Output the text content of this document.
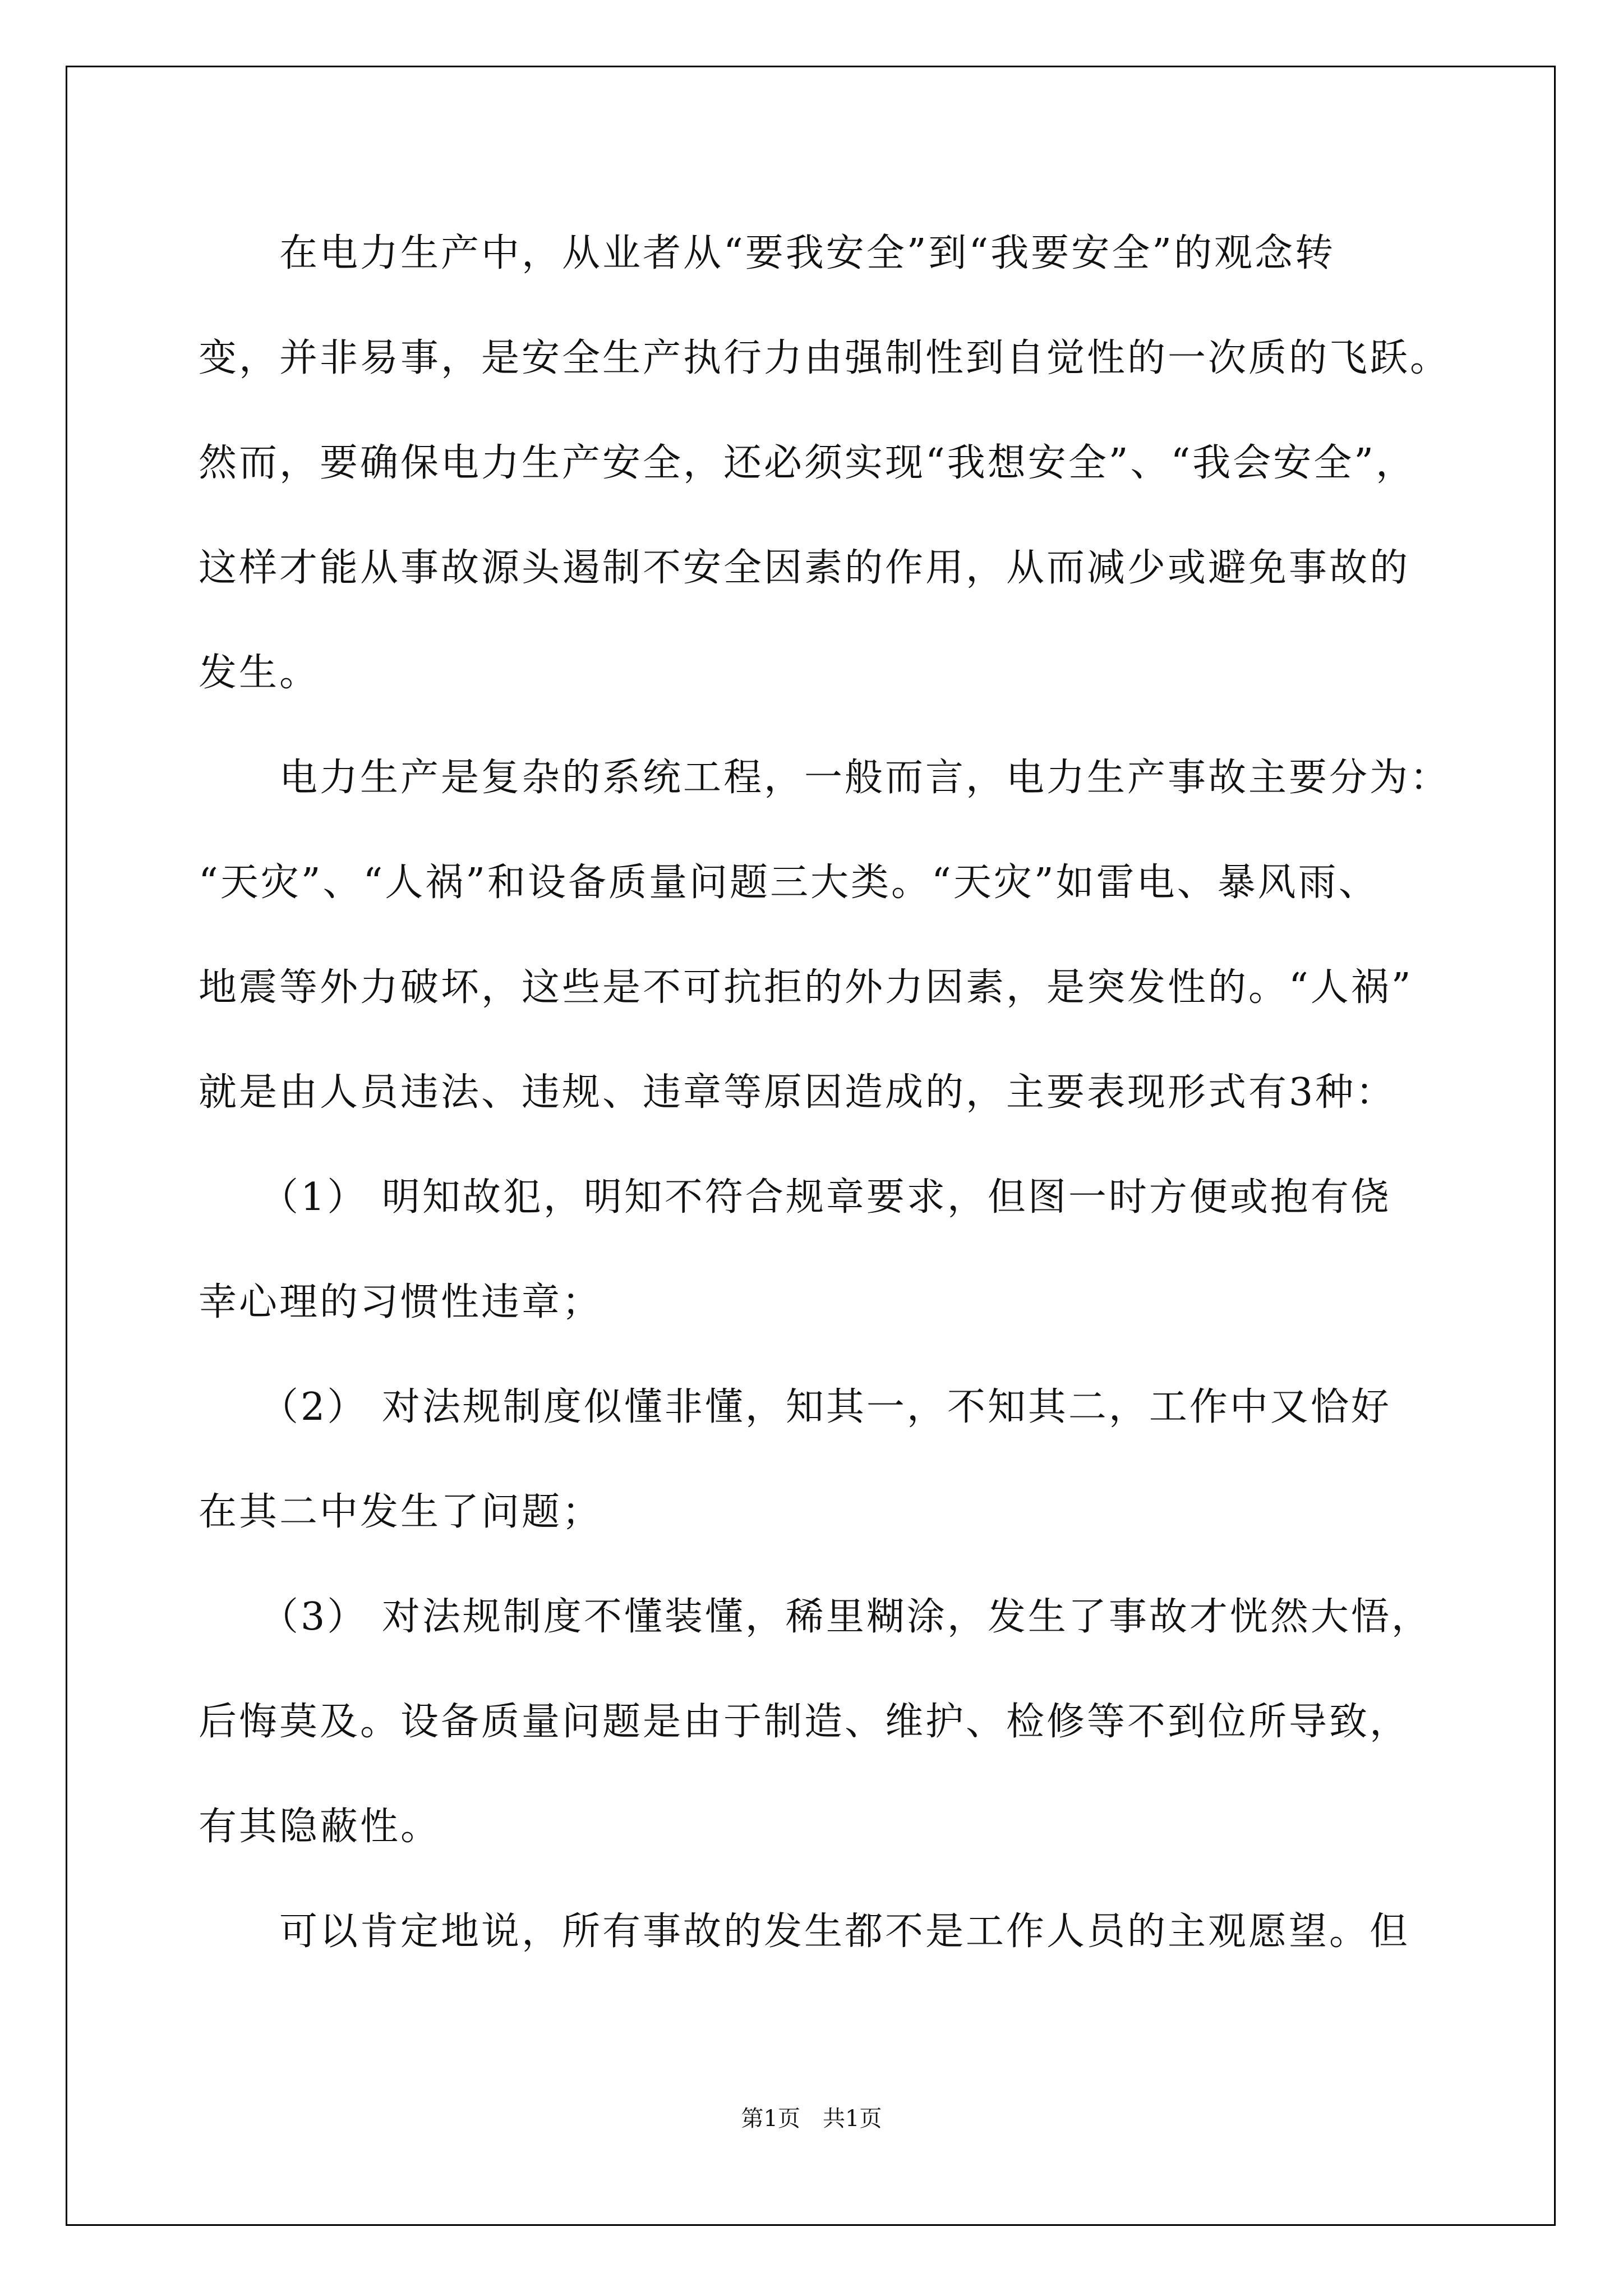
　　在电力生产中，从业者从“要我安全”到“我要安全”的观念转
变，并非易事，是安全生产执行力由强制性到自觉性的一次质的飞跃。
然而，要确保电力生产安全，还必须实现“我想安全”、“我会安全”，
这样才能从事故源头遏制不安全因素的作用，从而减少或避免事故的
发生。
　　电力生产是复杂的系统工程，一般而言，电力生产事故主要分为：
“天灾”、“人祸”和设备质量问题三大类。“天灾”如雷电、暴风雨、
地震等外力破坏，这些是不可抗拒的外力因素，是突发性的。“人祸”
就是由人员违法、违规、违章等原因造成的，主要表现形式有3种：
　　（1） 明知故犯，明知不符合规章要求，但图一时方便或抱有侥
幸心理的习惯性违章；
　　（2） 对法规制度似懂非懂，知其一，不知其二，工作中又恰好
在其二中发生了问题；
　　（3） 对法规制度不懂装懂，稀里糊涂，发生了事故才恍然大悟，
后悔莫及。设备质量问题是由于制造、维护、检修等不到位所导致，
有其隐蔽性。
　　可以肯定地说，所有事故的发生都不是工作人员的主观愿望。但
第1页　共1页
